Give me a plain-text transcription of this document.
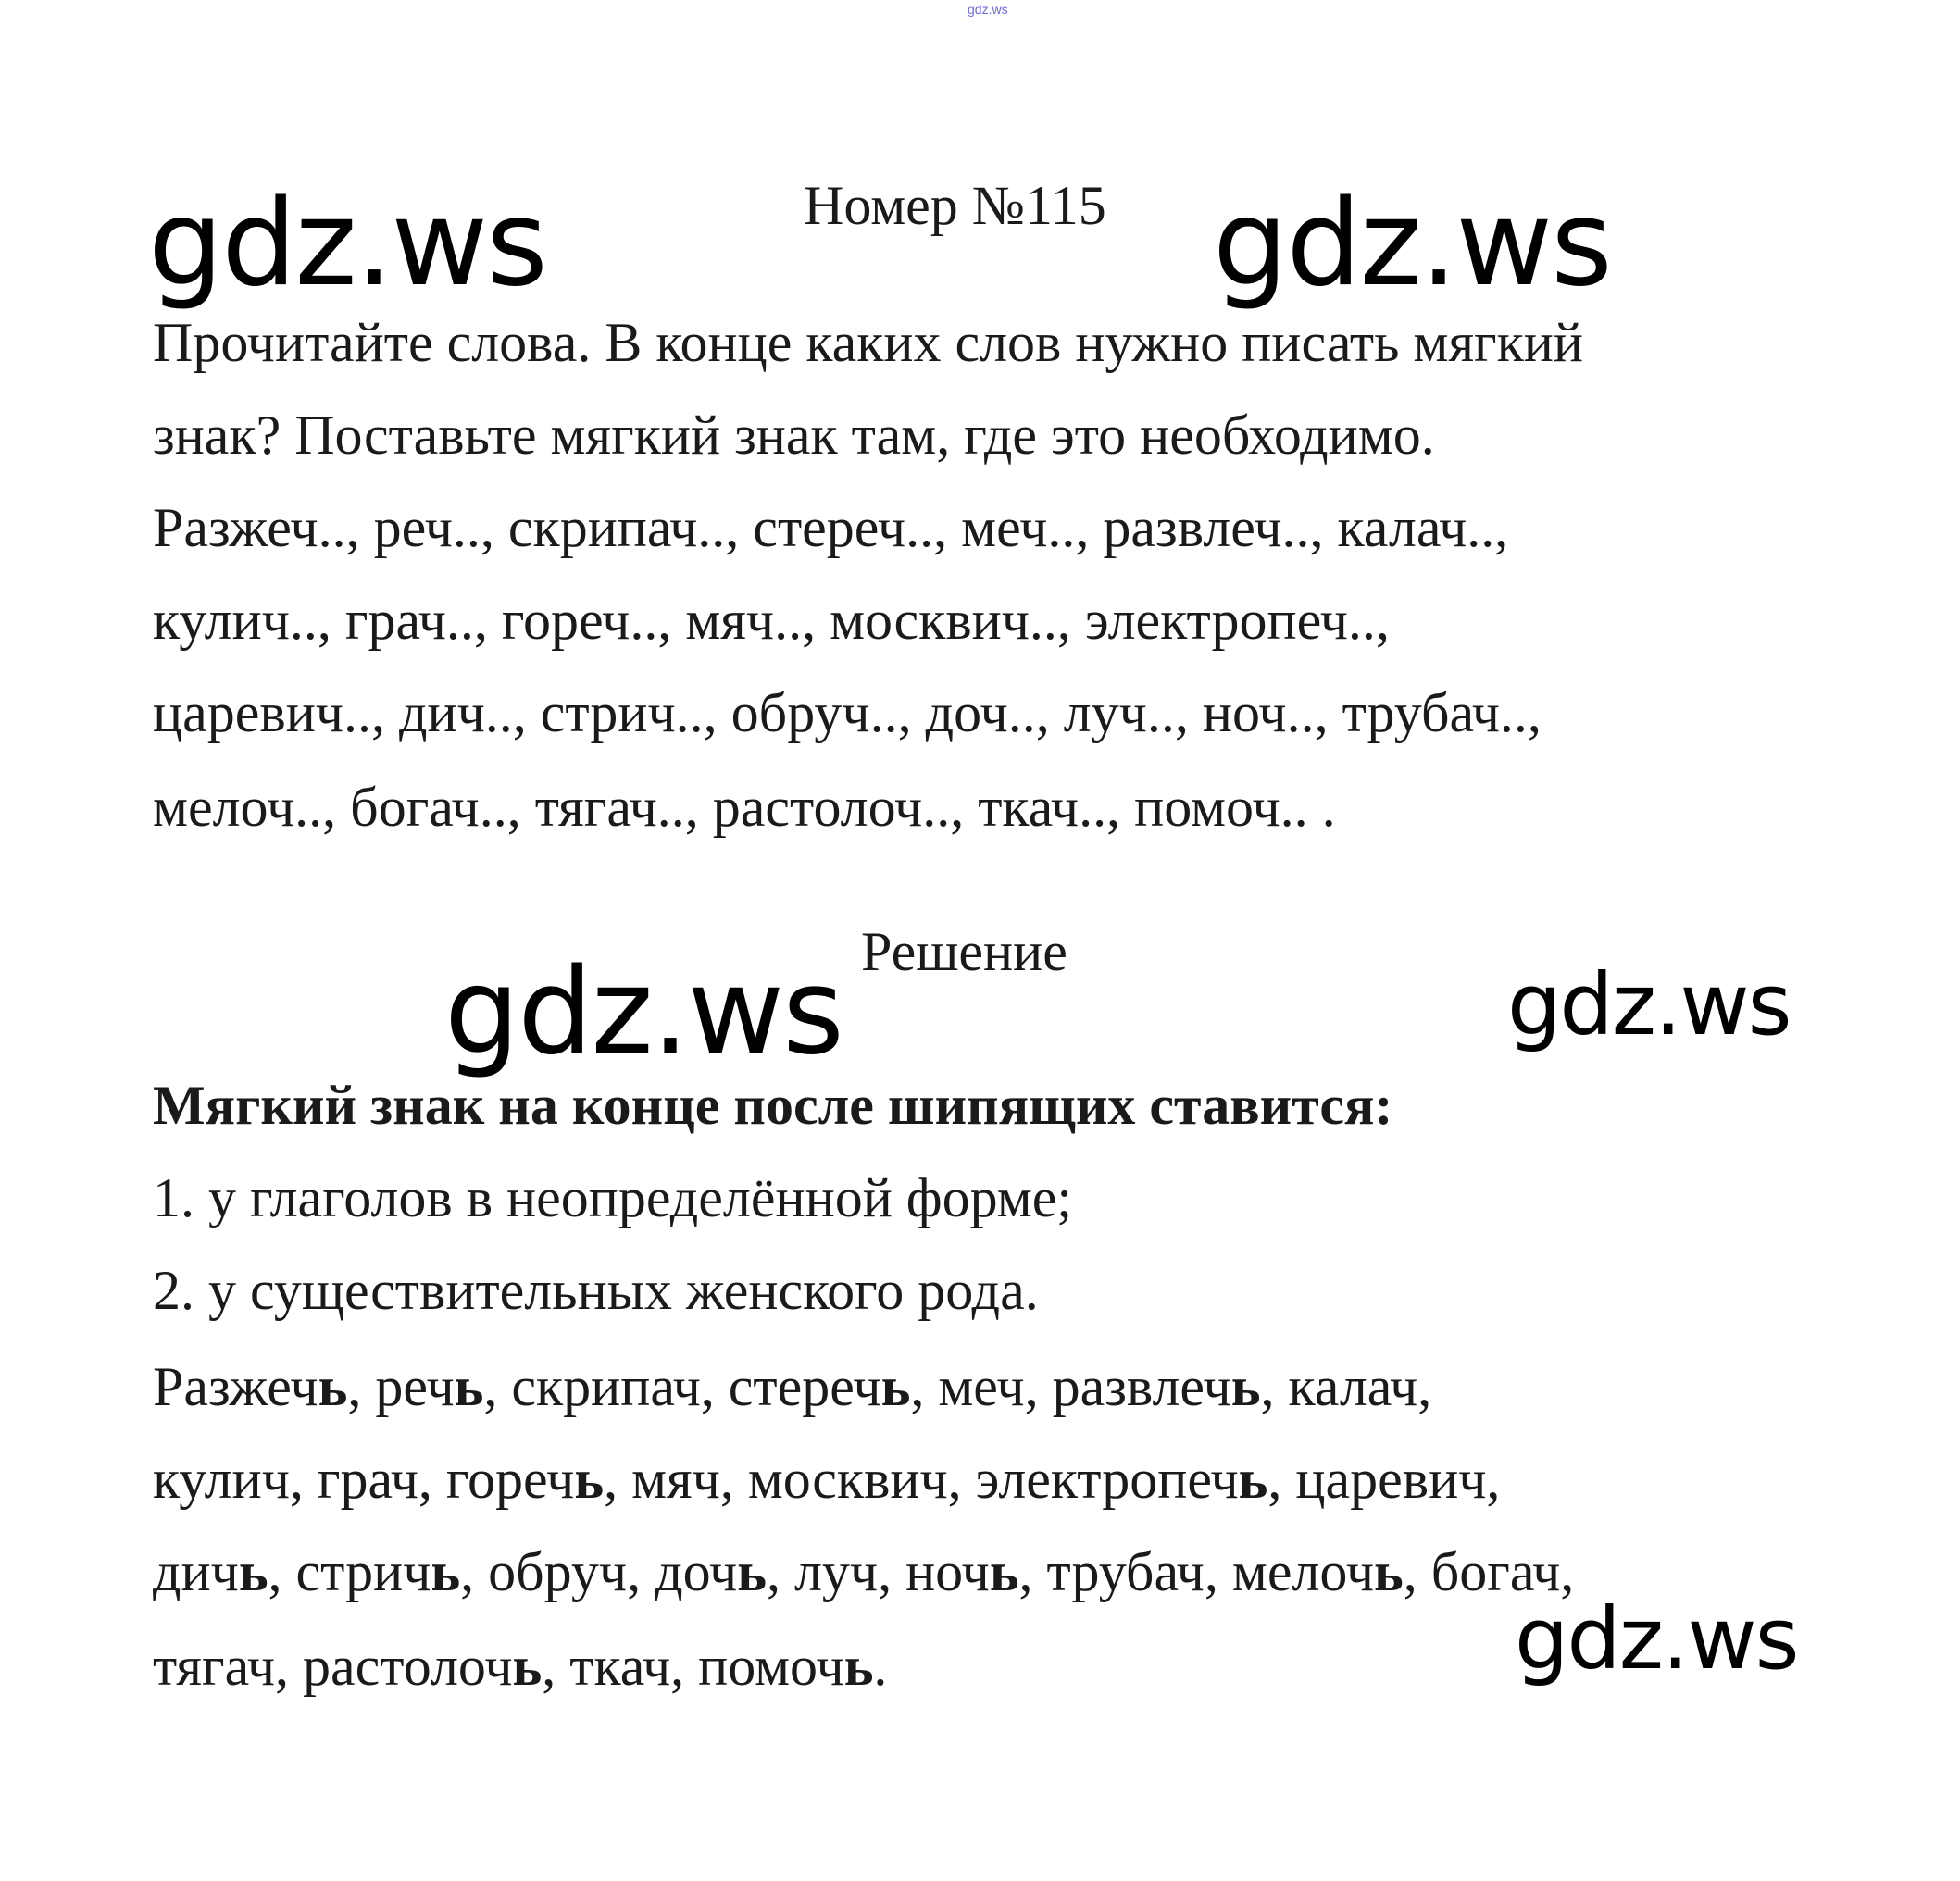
gdz.ws
gdz.ws	gdz.ws
gdz.ws	gdz.ws
gdz.ws
Номер №115
Прочитайте слова. В конце каких слов нужно писать мягкий
знак? Поставьте мягкий знак там, где это необходимо.
Разжеч.., реч.., скрипач.., стереч.., меч.., развлеч.., калач..,
кулич.., грач.., гореч.., мяч.., москвич.., электропеч..,
царевич.., дич.., стрич.., обруч.., доч.., луч.., ноч.., трубач..,
мелоч.., богач.., тягач.., растолоч.., ткач.., помоч.. .
Решение
Мягкий знак на конце после шипящих ставится:
1. у глаголов в неопределённой форме;
2. у существительных женского рода.
Разжечь, речь, скрипач, стеречь, меч, развлечь, калач,
кулич, грач, горечь, мяч, москвич, электропечь, царевич,
дичь, стричь, обруч, дочь, луч, ночь, трубач, мелочь, богач,
тягач, растолочь, ткач, помочь.
